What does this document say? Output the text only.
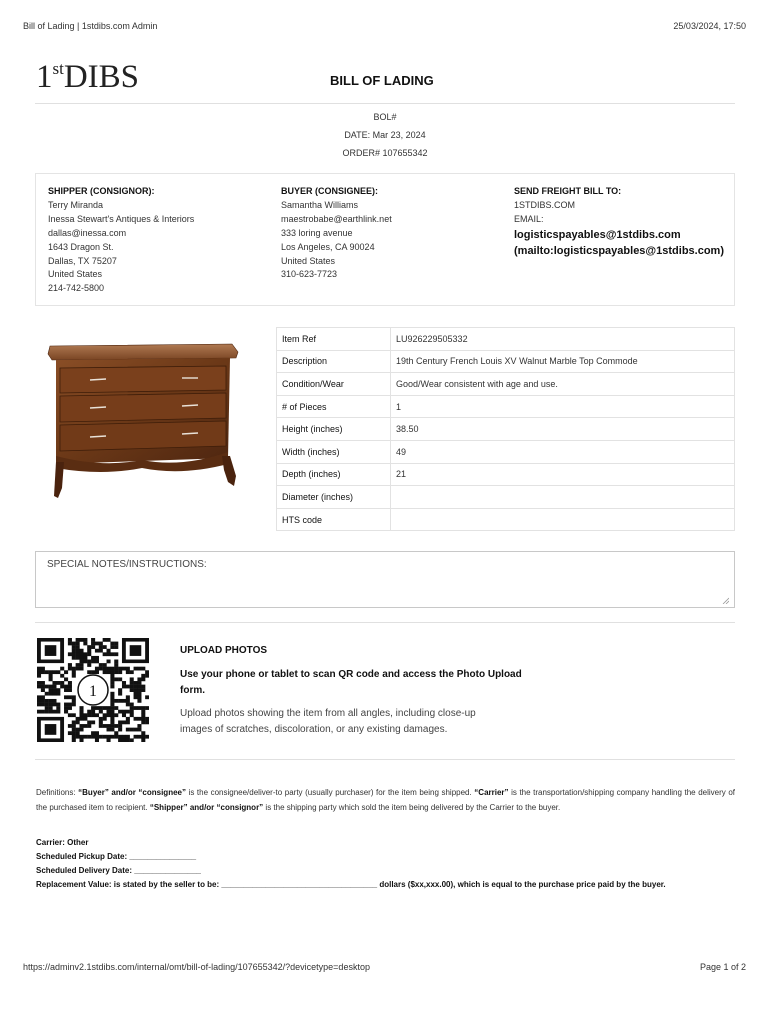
Bill of Lading | 1stdibs.com Admin	25/03/2024, 17:50
1stDIBS	BILL OF LADING
BOL#
DATE: Mar 23, 2024
ORDER# 107655342
SHIPPER (CONSIGNOR):
Terry Miranda
Inessa Stewart's Antiques & Interiors
dallas@inessa.com
1643 Dragon St.
Dallas, TX 75207
United States
214-742-5800
BUYER (CONSIGNEE):
Samantha Williams
maestrobabe@earthlink.net
333 loring avenue
Los Angeles, CA 90024
United States
310-623-7723
SEND FREIGHT BILL TO:
1STDIBS.COM
EMAIL:
logisticspayables@1stdibs.com
(mailto:logisticspayables@1stdibs.com)
Item Ref	LU926229505332
Description	19th Century French Louis XV Walnut Marble Top Commode
Condition/Wear	Good/Wear consistent with age and use.
# of Pieces	1
Height (inches)	38.50
Width (inches)	49
Depth (inches)	21
Diameter (inches)	
HTS code	
SPECIAL NOTES/INSTRUCTIONS:
1
UPLOAD PHOTOS
Use your phone or tablet to scan QR code and access the Photo Upload form.
Upload photos showing the item from all angles, including close-up images of scratches, discoloration, or any existing damages.
Definitions: “Buyer” and/or “consignee” is the consignee/deliver-to party (usually purchaser) for the item being shipped. “Carrier” is the transportation/shipping company handling the delivery of the purchased item to recipient. “Shipper” and/or “consignor” is the shipping party which sold the item being delivered by the Carrier to the buyer.
Carrier: Other
Scheduled Pickup Date: _______________
Scheduled Delivery Date: _______________
Replacement Value: is stated by the seller to be: ___________________________________ dollars ($xx,xxx.00), which is equal to the purchase price paid by the buyer.
https://adminv2.1stdibs.com/internal/omt/bill-of-lading/107655342/?devicetype=desktop	Page 1 of 2
